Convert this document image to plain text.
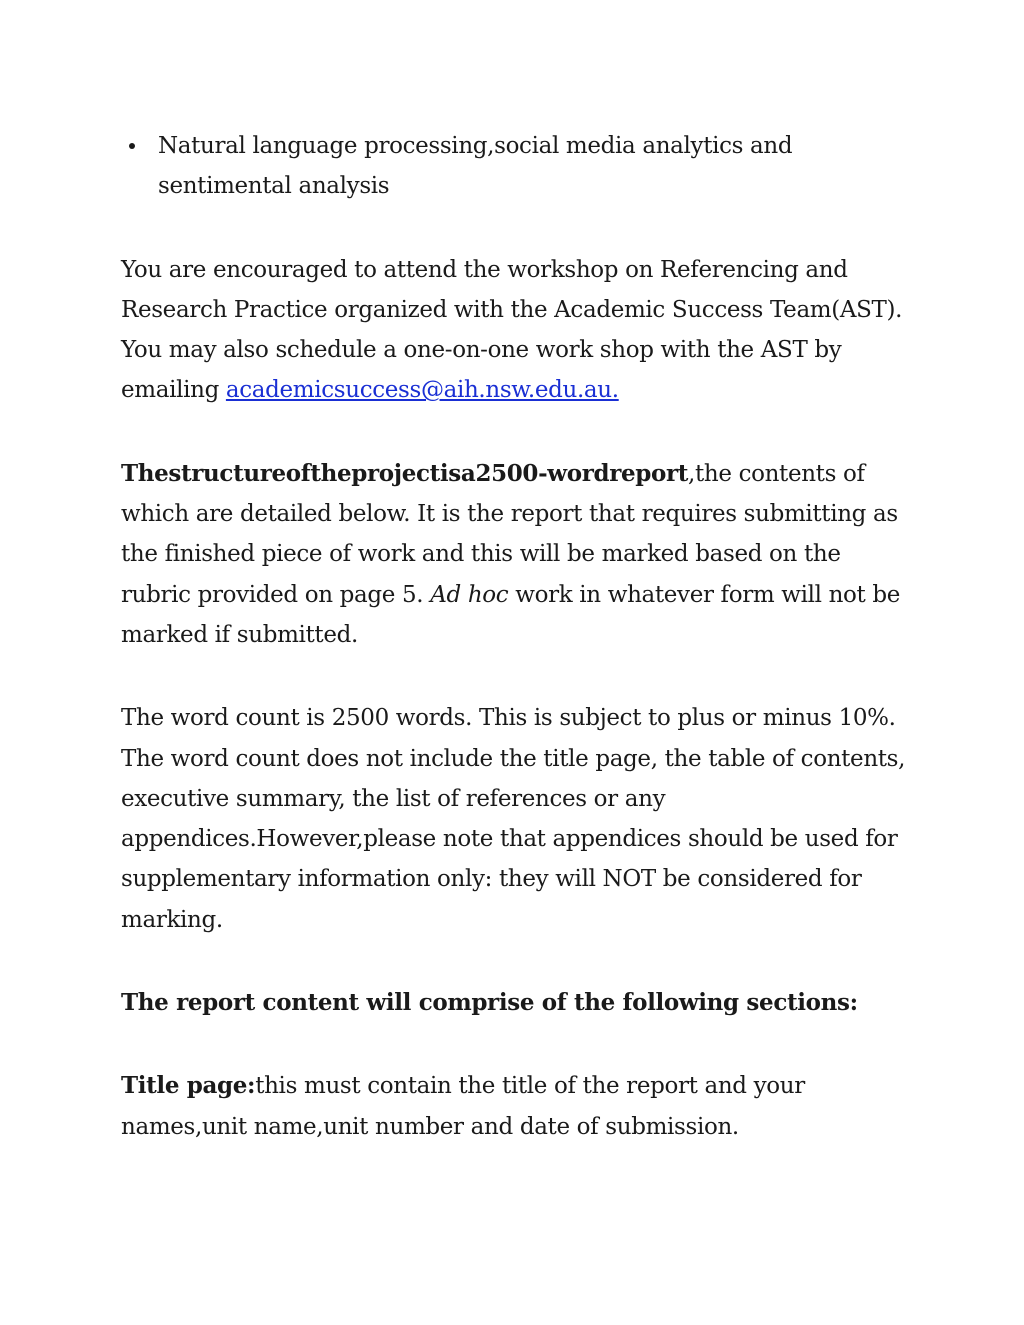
Natural language processing,social media analytics and sentimental analysis

You are encouraged to attend the workshop on Referencing and Research Practice organized with the Academic Success Team(AST). You may also schedule a one-on-one work shop with the AST by emailing academicsuccess@aih.nsw.edu.au.

Thestructureoftheprojectisa2500-wordreport,the contents of which are detailed below. It is the report that requires submitting as the finished piece of work and this will be marked based on the rubric provided on page 5. Ad hoc work in whatever form will not be marked if submitted.

The word count is 2500 words. This is subject to plus or minus 10%. The word count does not include the title page, the table of contents, executive summary, the list of references or any appendices.However,please note that appendices should be used for supplementary information only: they will NOT be considered for marking.

The report content will comprise of the following sections:

Title page:this must contain the title of the report and your names,unit name,unit number and date of submission.
